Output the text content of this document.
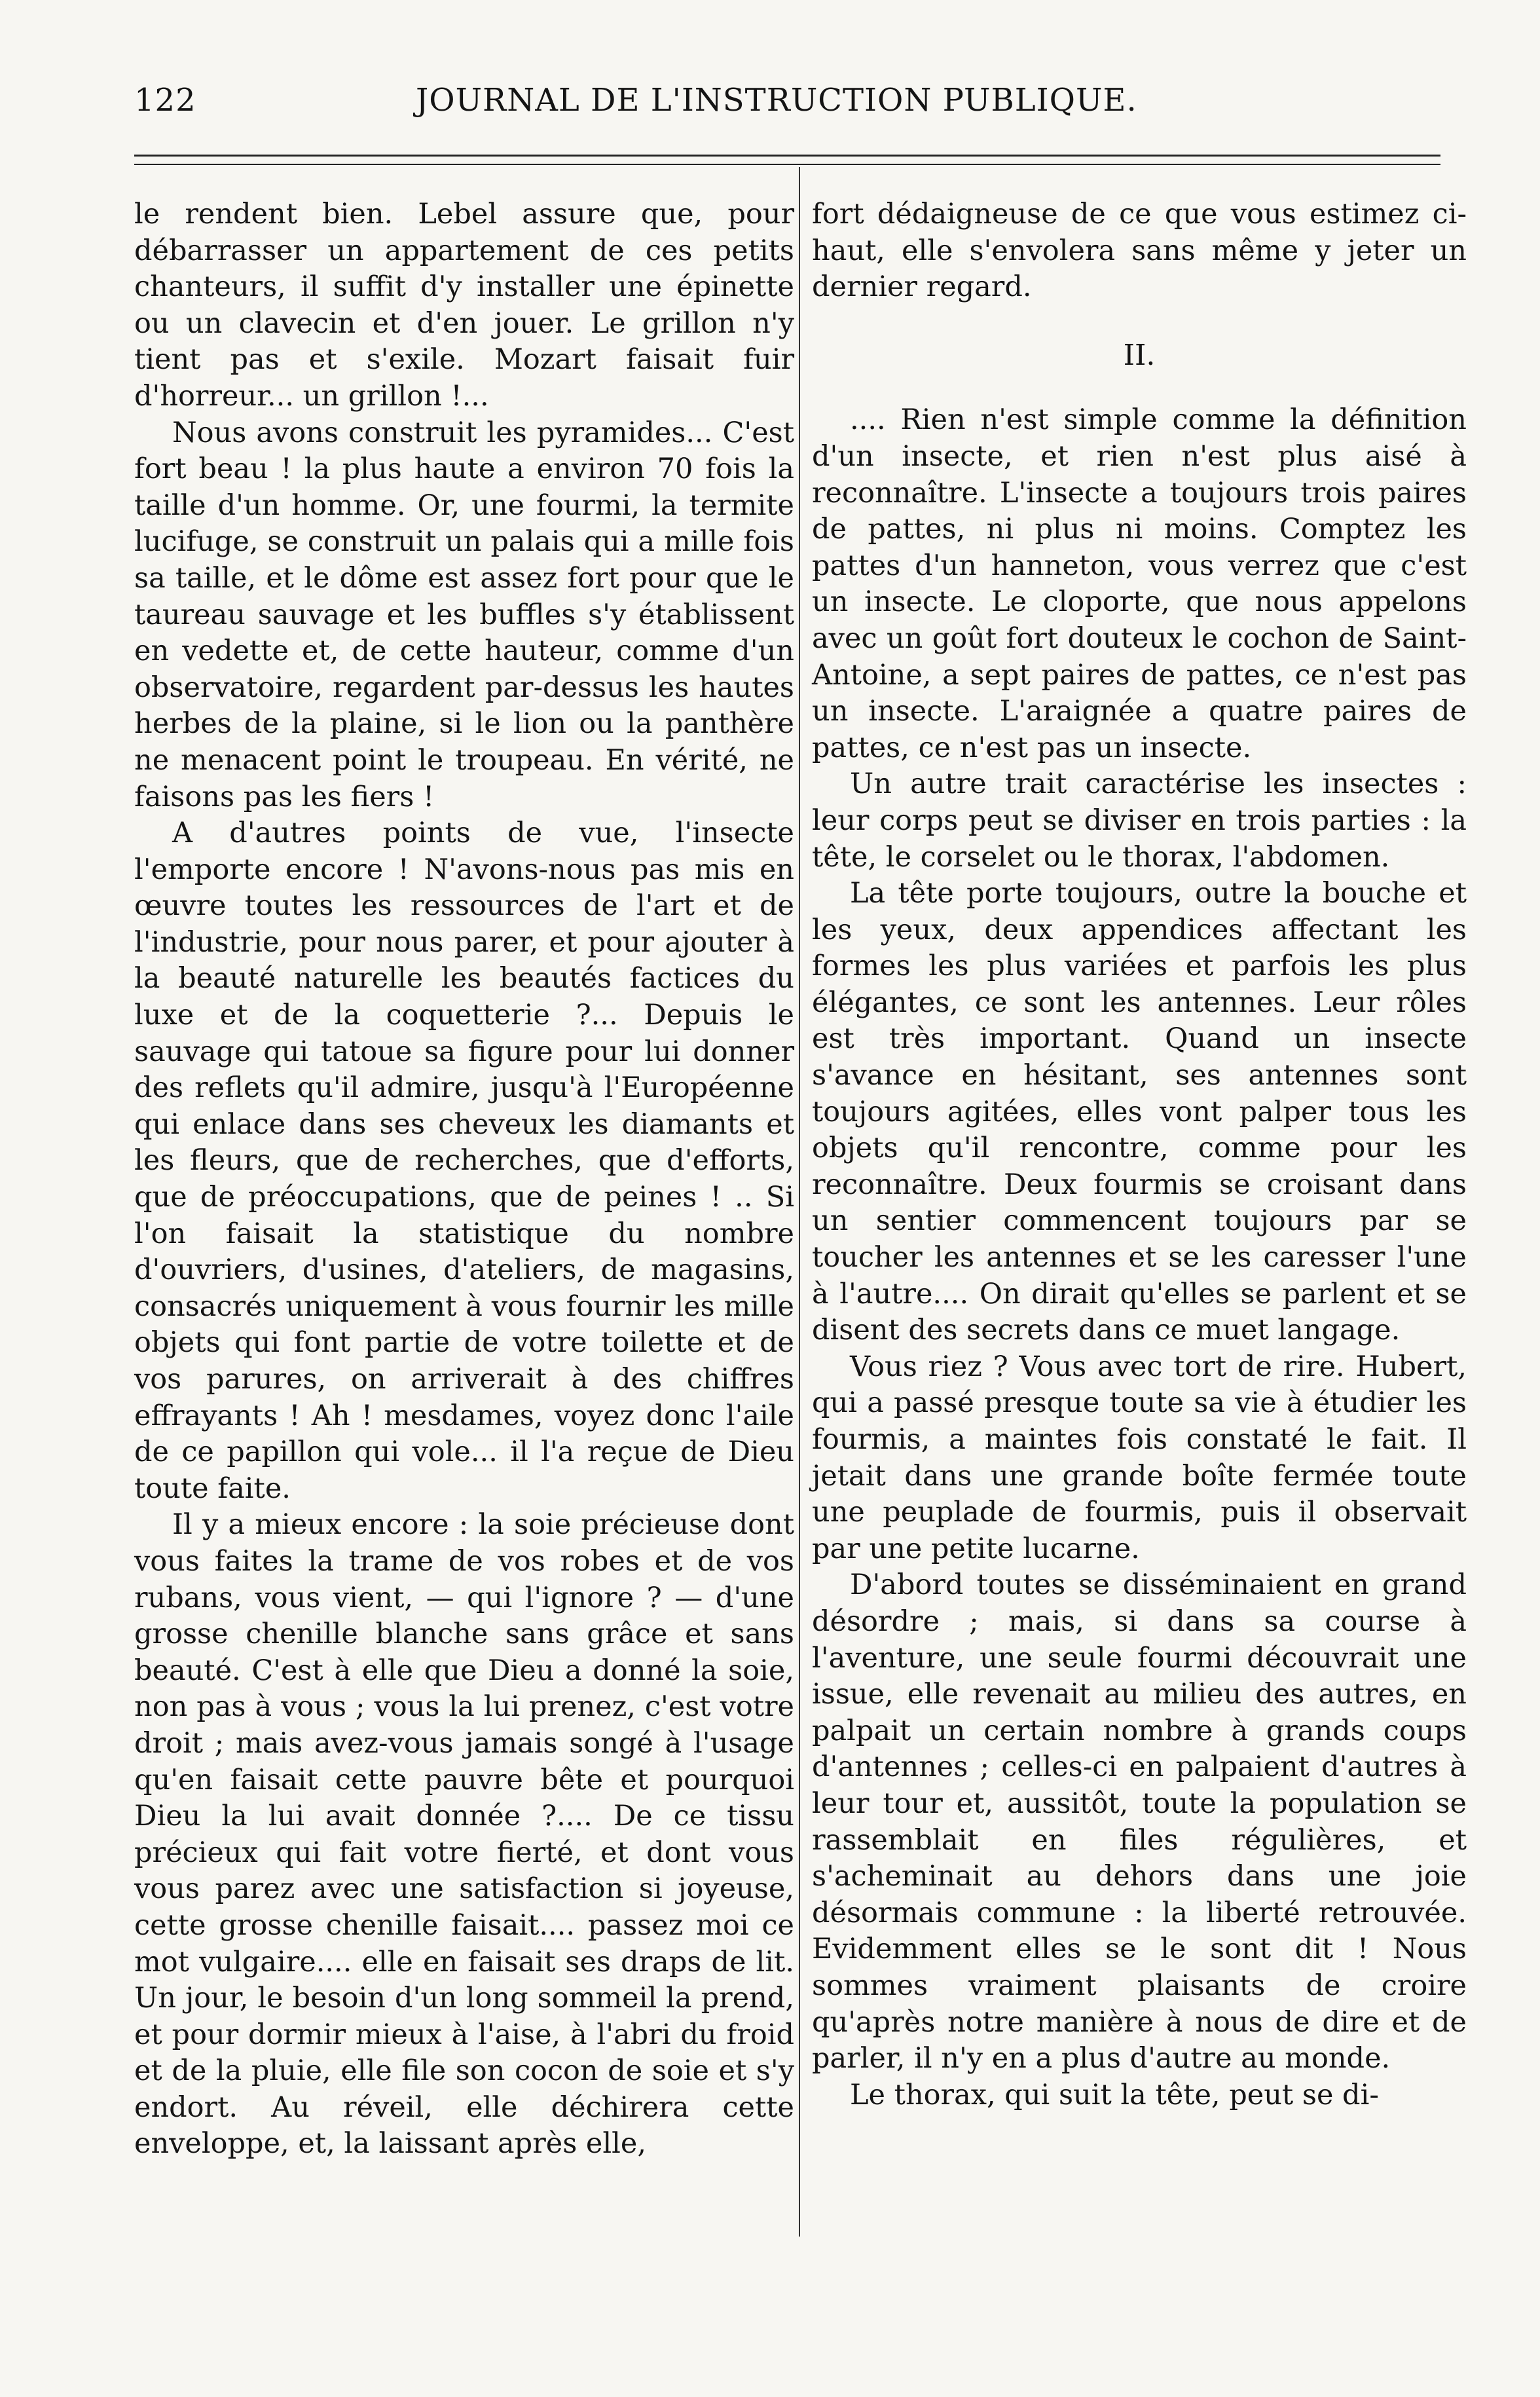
122	JOURNAL DE L'INSTRUCTION PUBLIQUE.

le rendent bien. Lebel assure que, pour débarrasser un appartement de ces petits chanteurs, il suffit d'y installer une épinette ou un clavecin et d'en jouer. Le grillon n'y tient pas et s'exile. Mozart faisait fuir d'horreur... un grillon !...

Nous avons construit les pyramides... C'est fort beau ! la plus haute a environ 70 fois la taille d'un homme. Or, une fourmi, la termite lucifuge, se construit un palais qui a mille fois sa taille, et le dôme est assez fort pour que le taureau sauvage et les buffles s'y établissent en vedette et, de cette hauteur, comme d'un observatoire, regardent par-dessus les hautes herbes de la plaine, si le lion ou la panthère ne menacent point le troupeau. En vérité, ne faisons pas les fiers !

A d'autres points de vue, l'insecte l'emporte encore ! N'avons-nous pas mis en œuvre toutes les ressources de l'art et de l'industrie, pour nous parer, et pour ajouter à la beauté naturelle les beautés factices du luxe et de la coquetterie ?... Depuis le sauvage qui tatoue sa figure pour lui donner des reflets qu'il admire, jusqu'à l'Européenne qui enlace dans ses cheveux les diamants et les fleurs, que de recherches, que d'efforts, que de préoccupations, que de peines ! .. Si l'on faisait la statistique du nombre d'ouvriers, d'usines, d'ateliers, de magasins, consacrés uniquement à vous fournir les mille objets qui font partie de votre toilette et de vos parures, on arriverait à des chiffres effrayants ! Ah ! mesdames, voyez donc l'aile de ce papillon qui vole... il l'a reçue de Dieu toute faite.

Il y a mieux encore : la soie précieuse dont vous faites la trame de vos robes et de vos rubans, vous vient, — qui l'ignore ? — d'une grosse chenille blanche sans grâce et sans beauté. C'est à elle que Dieu a donné la soie, non pas à vous ; vous la lui prenez, c'est votre droit ; mais avez-vous jamais songé à l'usage qu'en faisait cette pauvre bête et pourquoi Dieu la lui avait donnée ?.... De ce tissu précieux qui fait votre fierté, et dont vous vous parez avec une satisfaction si joyeuse, cette grosse chenille faisait.... passez moi ce mot vulgaire.... elle en faisait ses draps de lit. Un jour, le besoin d'un long sommeil la prend, et pour dormir mieux à l'aise, à l'abri du froid et de la pluie, elle file son cocon de soie et s'y endort. Au réveil, elle déchirera cette enveloppe, et, la laissant après elle,

fort dédaigneuse de ce que vous estimez ci-haut, elle s'envolera sans même y jeter un dernier regard.

II.

.... Rien n'est simple comme la définition d'un insecte, et rien n'est plus aisé à reconnaître. L'insecte a toujours trois paires de pattes, ni plus ni moins. Comptez les pattes d'un hanneton, vous verrez que c'est un insecte. Le cloporte, que nous appelons avec un goût fort douteux le cochon de Saint-Antoine, a sept paires de pattes, ce n'est pas un insecte. L'araignée a quatre paires de pattes, ce n'est pas un insecte.

Un autre trait caractérise les insectes : leur corps peut se diviser en trois parties : la tête, le corselet ou le thorax, l'abdomen.

La tête porte toujours, outre la bouche et les yeux, deux appendices affectant les formes les plus variées et parfois les plus élégantes, ce sont les antennes. Leur rôles est très important. Quand un insecte s'avance en hésitant, ses antennes sont toujours agitées, elles vont palper tous les objets qu'il rencontre, comme pour les reconnaître. Deux fourmis se croisant dans un sentier commencent toujours par se toucher les antennes et se les caresser l'une à l'autre.... On dirait qu'elles se parlent et se disent des secrets dans ce muet langage.

Vous riez ? Vous avec tort de rire. Hubert, qui a passé presque toute sa vie à étudier les fourmis, a maintes fois constaté le fait. Il jetait dans une grande boîte fermée toute une peuplade de fourmis, puis il observait par une petite lucarne.

D'abord toutes se disséminaient en grand désordre ; mais, si dans sa course à l'aventure, une seule fourmi découvrait une issue, elle revenait au milieu des autres, en palpait un certain nombre à grands coups d'antennes ; celles-ci en palpaient d'autres à leur tour et, aussitôt, toute la population se rassemblait en files régulières, et s'acheminait au dehors dans une joie désormais commune : la liberté retrouvée. Evidemment elles se le sont dit ! Nous sommes vraiment plaisants de croire qu'après notre manière à nous de dire et de parler, il n'y en a plus d'autre au monde.

Le thorax, qui suit la tête, peut se di-
